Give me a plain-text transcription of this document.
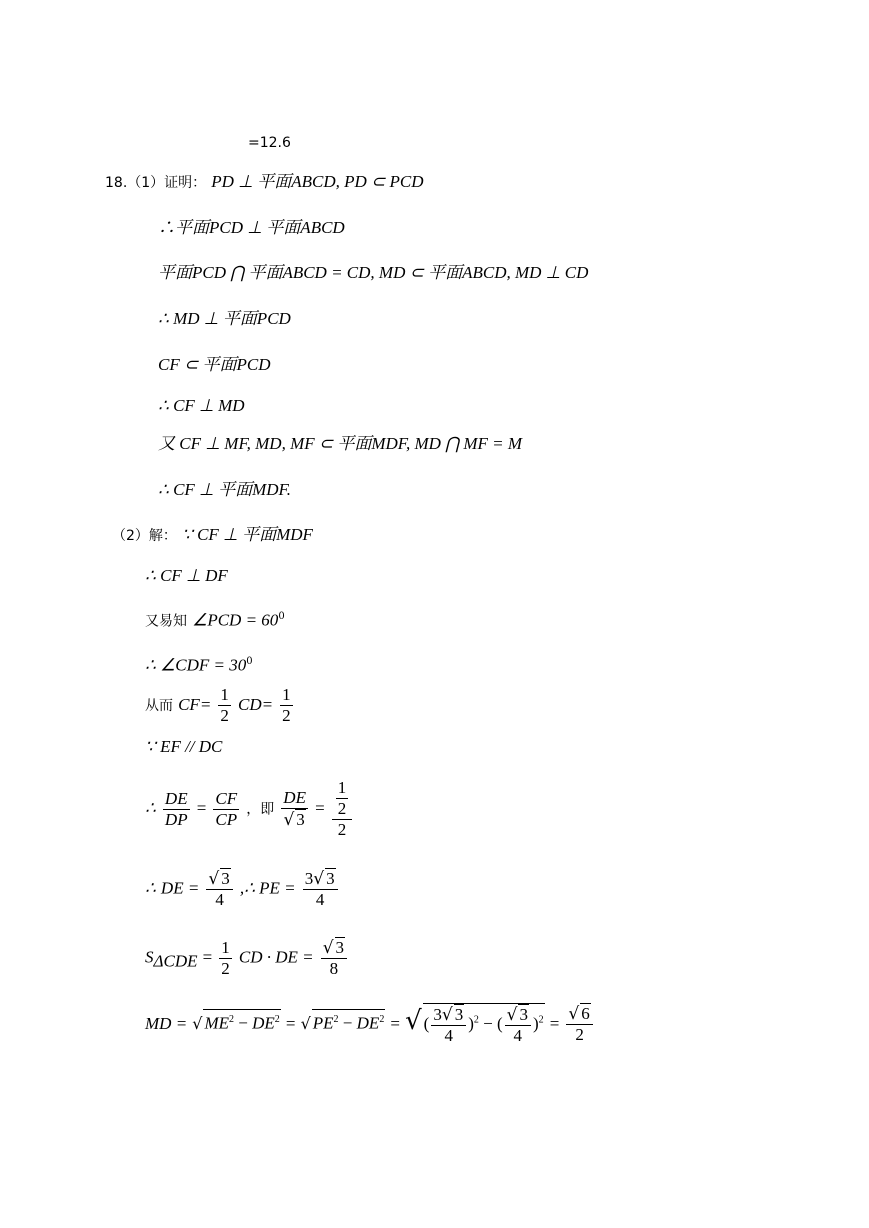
=12.6
18.（1）证明： PD ⊥ 平面ABCD, PD ⊂ PCD
∴平面PCD ⊥ 平面ABCD
平面PCD ⋂ 平面ABCD = CD, MD ⊂ 平面ABCD, MD ⊥ CD
∴ MD ⊥ 平面PCD
CF ⊂ 平面PCD
∴ CF ⊥ MD
又 CF ⊥ MF, MD, MF ⊂ 平面MDF, MD ⋂ MF = M
∴ CF ⊥ 平面MDF.
（2）解： ∵ CF ⊥ 平面MDF
∴ CF ⊥ DF
又易知 ∠PCD = $60^0$
∴ ∠CDF = $30^0$
从而 $CF= \frac{1}{2} CD= \frac{1}{2}$
∵ EF // DC
∴ $\frac{DE}{DP} = \frac{CF}{CP}$ ，即 $\frac{DE}{√ 3} = \frac{\frac{1}{2}}{2}$
∴ DE = $\frac{√ 3}{4}$ ,∴ PE = $\frac{3√ 3}{4}$
$S_{\Delta CDE} = \frac{1}{2}$ CD · DE = $\frac{√ 3}{8}$
MD = √ $ME^2 - DE^2$ = √ $PE^2 - DE^2$ = √ ( $\frac{3√ 3}{4} )^2$ − ( $\frac{√ 3}{4} )^2 = \frac{√ 6}{2}$
